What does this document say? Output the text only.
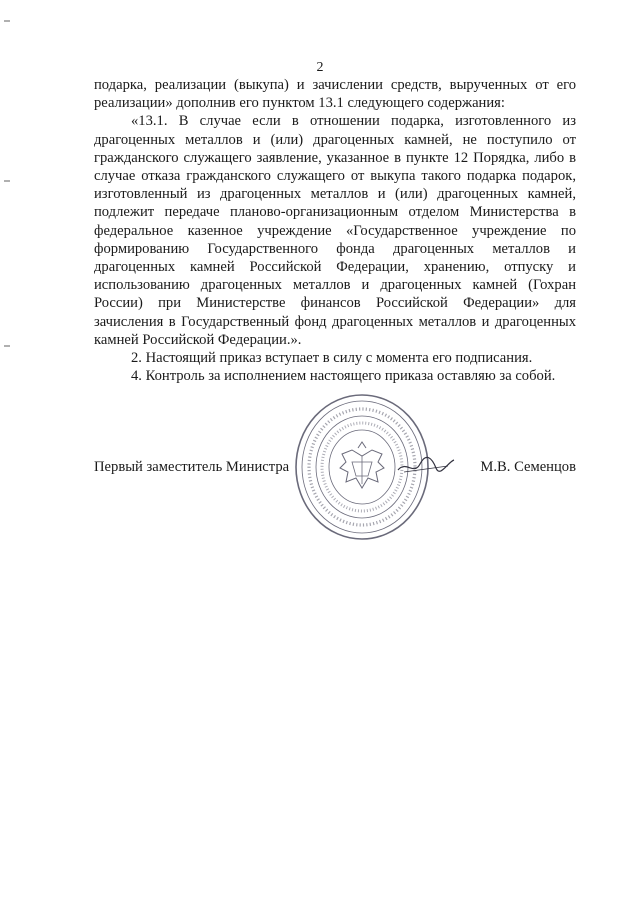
2

подарка, реализации (выкупа) и зачислении средств, вырученных от его реализации» дополнив его пунктом 13.1 следующего содержания:

«13.1. В случае если в отношении подарка, изготовленного из драгоценных металлов и (или) драгоценных камней, не поступило от гражданского служащего заявление, указанное в пункте 12 Порядка, либо в случае отказа гражданского служащего от выкупа такого подарка подарок, изготовленный из драгоценных металлов и (или) драгоценных камней, подлежит передаче планово-организационным отделом Министерства в федеральное казенное учреждение «Государственное учреждение по формированию Государственного фонда драгоценных металлов и драгоценных камней Российской Федерации, хранению, отпуску и использованию драгоценных металлов и драгоценных камней (Гохран России) при Министерстве финансов Российской Федерации» для зачисления в Государственный фонд драгоценных металлов и драгоценных камней Российской Федерации.».

2. Настоящий приказ вступает в силу с момента его подписания.

4. Контроль за исполнением настоящего приказа оставляю за собой.

Первый заместитель Министра	М.В. Семенцов
